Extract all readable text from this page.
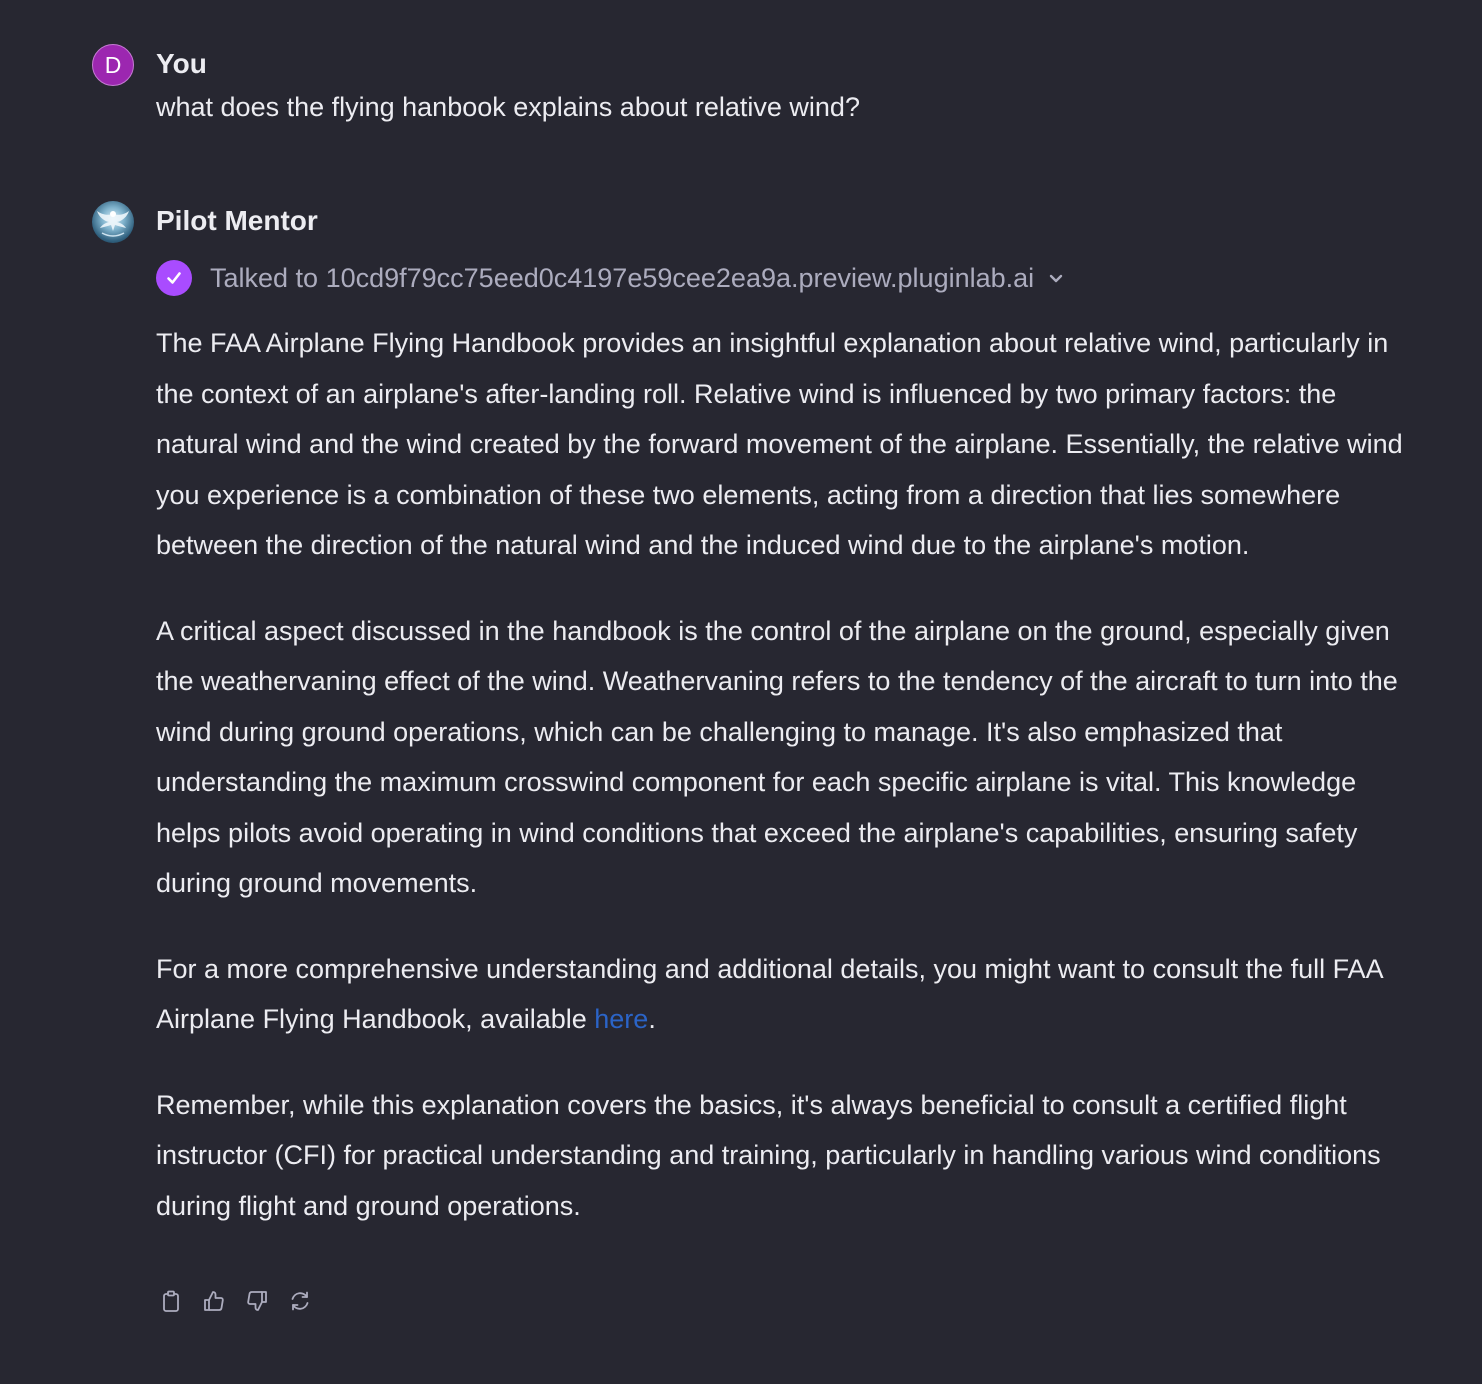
D	You
what does the flying hanbook explains about relative wind?
Pilot Mentor
Talked to 10cd9f79cc75eed0c4197e59cee2ea9a.preview.pluginlab.ai

The FAA Airplane Flying Handbook provides an insightful explanation about relative wind, particularly in the context of an airplane's after-landing roll. Relative wind is influenced by two primary factors: the natural wind and the wind created by the forward movement of the airplane. Essentially, the relative wind you experience is a combination of these two elements, acting from a direction that lies somewhere between the direction of the natural wind and the induced wind due to the airplane's motion.

A critical aspect discussed in the handbook is the control of the airplane on the ground, especially given the weathervaning effect of the wind. Weathervaning refers to the tendency of the aircraft to turn into the wind during ground operations, which can be challenging to manage. It's also emphasized that understanding the maximum crosswind component for each specific airplane is vital. This knowledge helps pilots avoid operating in wind conditions that exceed the airplane's capabilities, ensuring safety during ground movements.

For a more comprehensive understanding and additional details, you might want to consult the full FAA Airplane Flying Handbook, available here.

Remember, while this explanation covers the basics, it's always beneficial to consult a certified flight instructor (CFI) for practical understanding and training, particularly in handling various wind conditions during flight and ground operations.
